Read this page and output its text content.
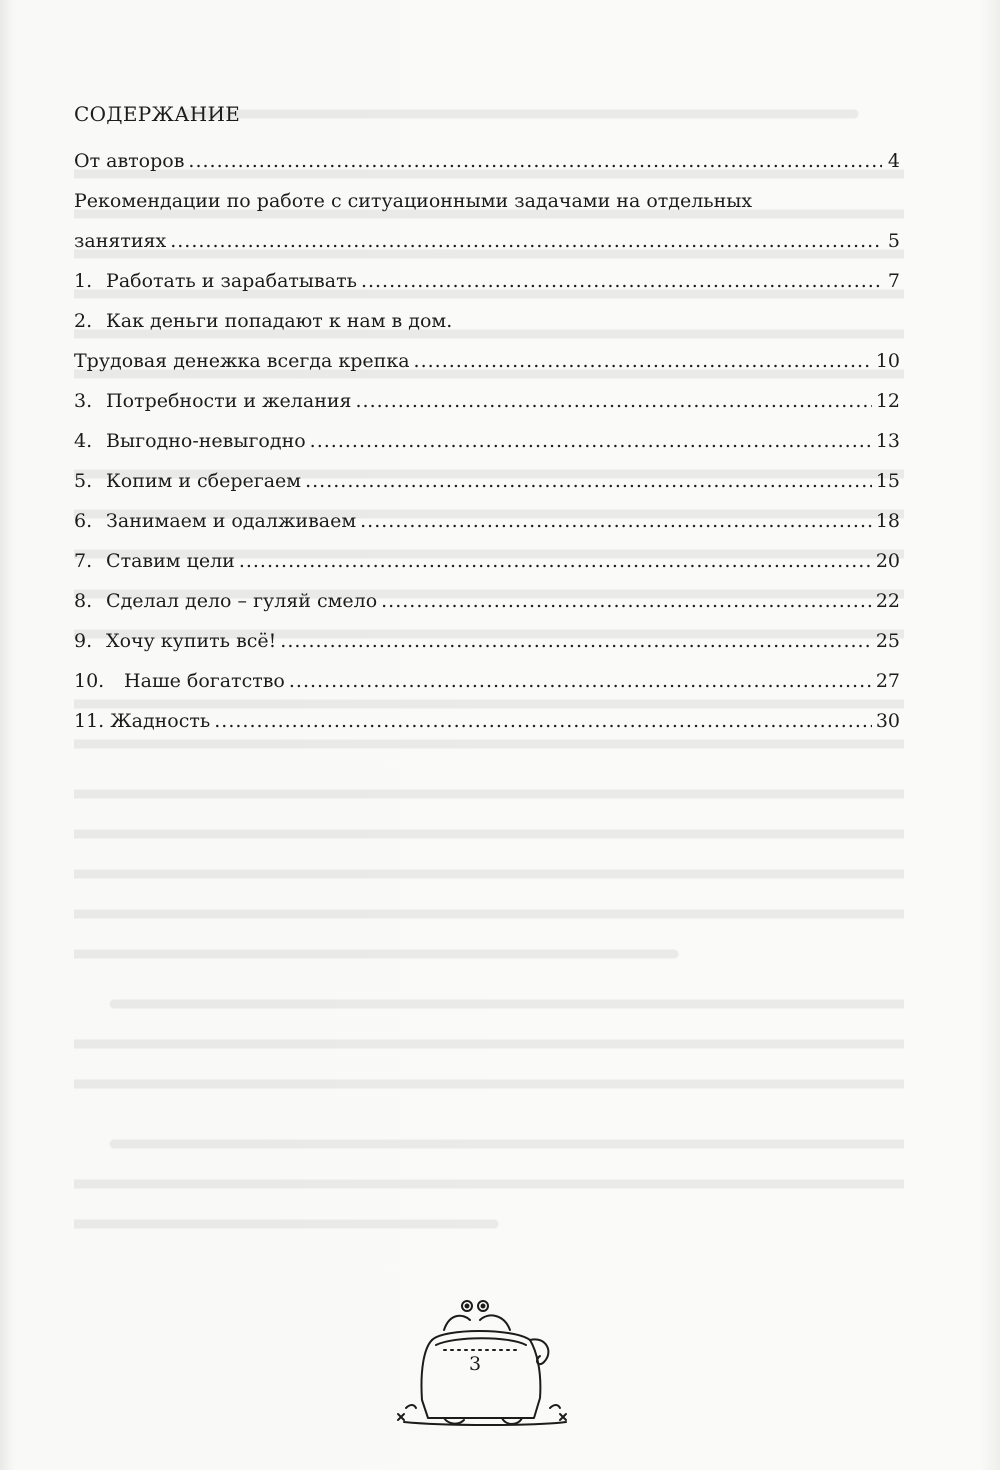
СОДЕРЖАНИЕ
От авторов .....	4
Рекомендации по работе с ситуационными задачами на отдельных
занятиях .....	5
1. Работать и зарабатывать .....	7
2. Как деньги попадают к нам в дом.
Трудовая денежка всегда крепка .....	10
3. Потребности и желания .....	12
4. Выгодно-невыгодно .....	13
5. Копим и сберегаем .....	15
6. Занимаем и одалживаем .....	18
7. Ставим цели .....	20
8. Сделал дело – гуляй смело .....	22
9. Хочу купить всё! .....	25
10. Наше богатство .....	27
11. Жадность .....	30
3
